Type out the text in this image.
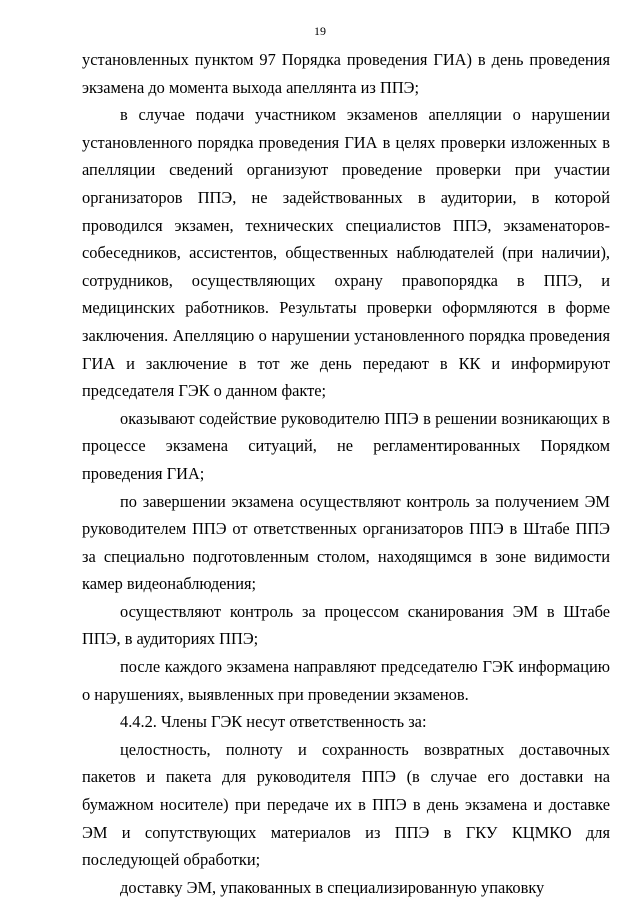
19

установленных пунктом 97 Порядка проведения ГИА) в день проведения экзамена до момента выхода апеллянта из ППЭ;

в случае подачи участником экзаменов апелляции о нарушении установленного порядка проведения ГИА в целях проверки изложенных в апелляции сведений организуют проведение проверки при участии организаторов ППЭ, не задействованных в аудитории, в которой проводился экзамен, технических специалистов ППЭ, экзаменаторов-собеседников, ассистентов, общественных наблюдателей (при наличии), сотрудников, осуществляющих охрану правопорядка в ППЭ, и медицинских работников. Результаты проверки оформляются в форме заключения. Апелляцию о нарушении установленного порядка проведения ГИА и заключение в тот же день передают в КК и информируют председателя ГЭК о данном факте;

оказывают содействие руководителю ППЭ в решении возникающих в процессе экзамена ситуаций, не регламентированных Порядком проведения ГИА;

по завершении экзамена осуществляют контроль за получением ЭМ руководителем ППЭ от ответственных организаторов ППЭ в Штабе ППЭ за специально подготовленным столом, находящимся в зоне видимости камер видеонаблюдения;

осуществляют контроль за процессом сканирования ЭМ в Штабе ППЭ, в аудиториях ППЭ;

после каждого экзамена направляют председателю ГЭК информацию о нарушениях, выявленных при проведении экзаменов.

4.4.2. Члены ГЭК несут ответственность за:

целостность, полноту и сохранность возвратных доставочных пакетов и пакета для руководителя ППЭ (в случае его доставки на бумажном носителе) при передаче их в ППЭ в день экзамена и доставке ЭМ и сопутствующих материалов из ППЭ в ГКУ КЦМКО для последующей обработки;

доставку ЭМ, упакованных в специализированную упаковку
